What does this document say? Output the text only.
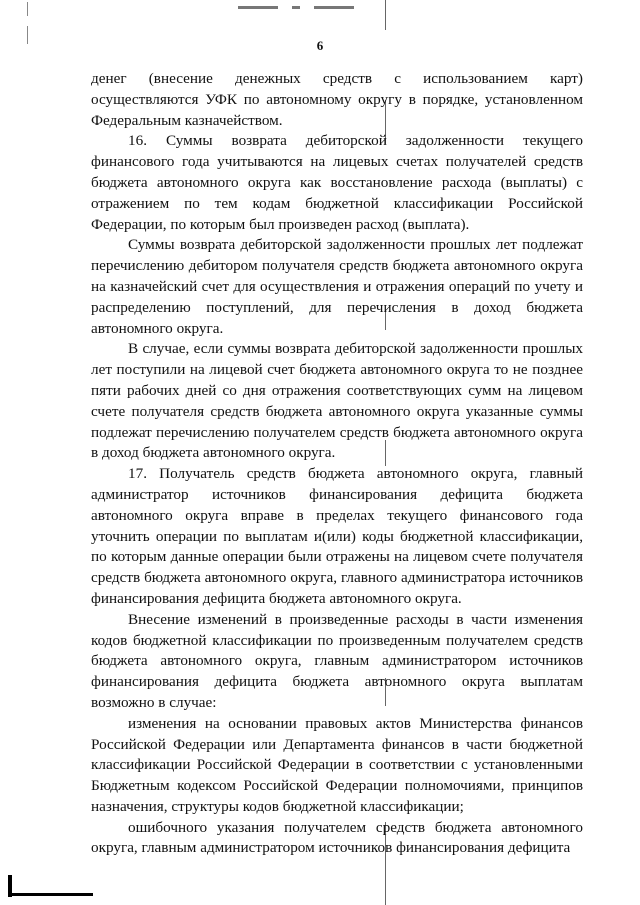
6

денег (внесение денежных средств с использованием карт) осуществляются УФК по автономному округу в порядке, установленном Федеральным казначейством.

16. Суммы возврата дебиторской задолженности текущего финансового года учитываются на лицевых счетах получателей средств бюджета автономного округа как восстановление расхода (выплаты) с отражением по тем кодам бюджетной классификации Российской Федерации, по которым был произведен расход (выплата).

Суммы возврата дебиторской задолженности прошлых лет подлежат перечислению дебитором получателя средств бюджета автономного округа на казначейский счет для осуществления и отражения операций по учету и распределению поступлений, для перечисления в доход бюджета автономного округа.

В случае, если суммы возврата дебиторской задолженности прошлых лет поступили на лицевой счет бюджета автономного округа то не позднее пяти рабочих дней со дня отражения соответствующих сумм на лицевом счете получателя средств бюджета автономного округа указанные суммы подлежат перечислению получателем средств бюджета автономного округа в доход бюджета автономного округа.

17. Получатель средств бюджета автономного округа, главный администратор источников финансирования дефицита бюджета автономного округа вправе в пределах текущего финансового года уточнить операции по выплатам и(или) коды бюджетной классификации, по которым данные операции были отражены на лицевом счете получателя средств бюджета автономного округа, главного администратора источников финансирования дефицита бюджета автономного округа.

Внесение изменений в произведенные расходы в части изменения кодов бюджетной классификации по произведенным получателем средств бюджета автономного округа, главным администратором источников финансирования дефицита бюджета автономного округа выплатам возможно в случае:

изменения на основании правовых актов Министерства финансов Российской Федерации или Департамента финансов в части бюджетной классификации Российской Федерации в соответствии с установленными Бюджетным кодексом Российской Федерации полномочиями, принципов назначения, структуры кодов бюджетной классификации;

ошибочного указания получателем средств бюджета автономного округа, главным администратором источников финансирования дефицита
